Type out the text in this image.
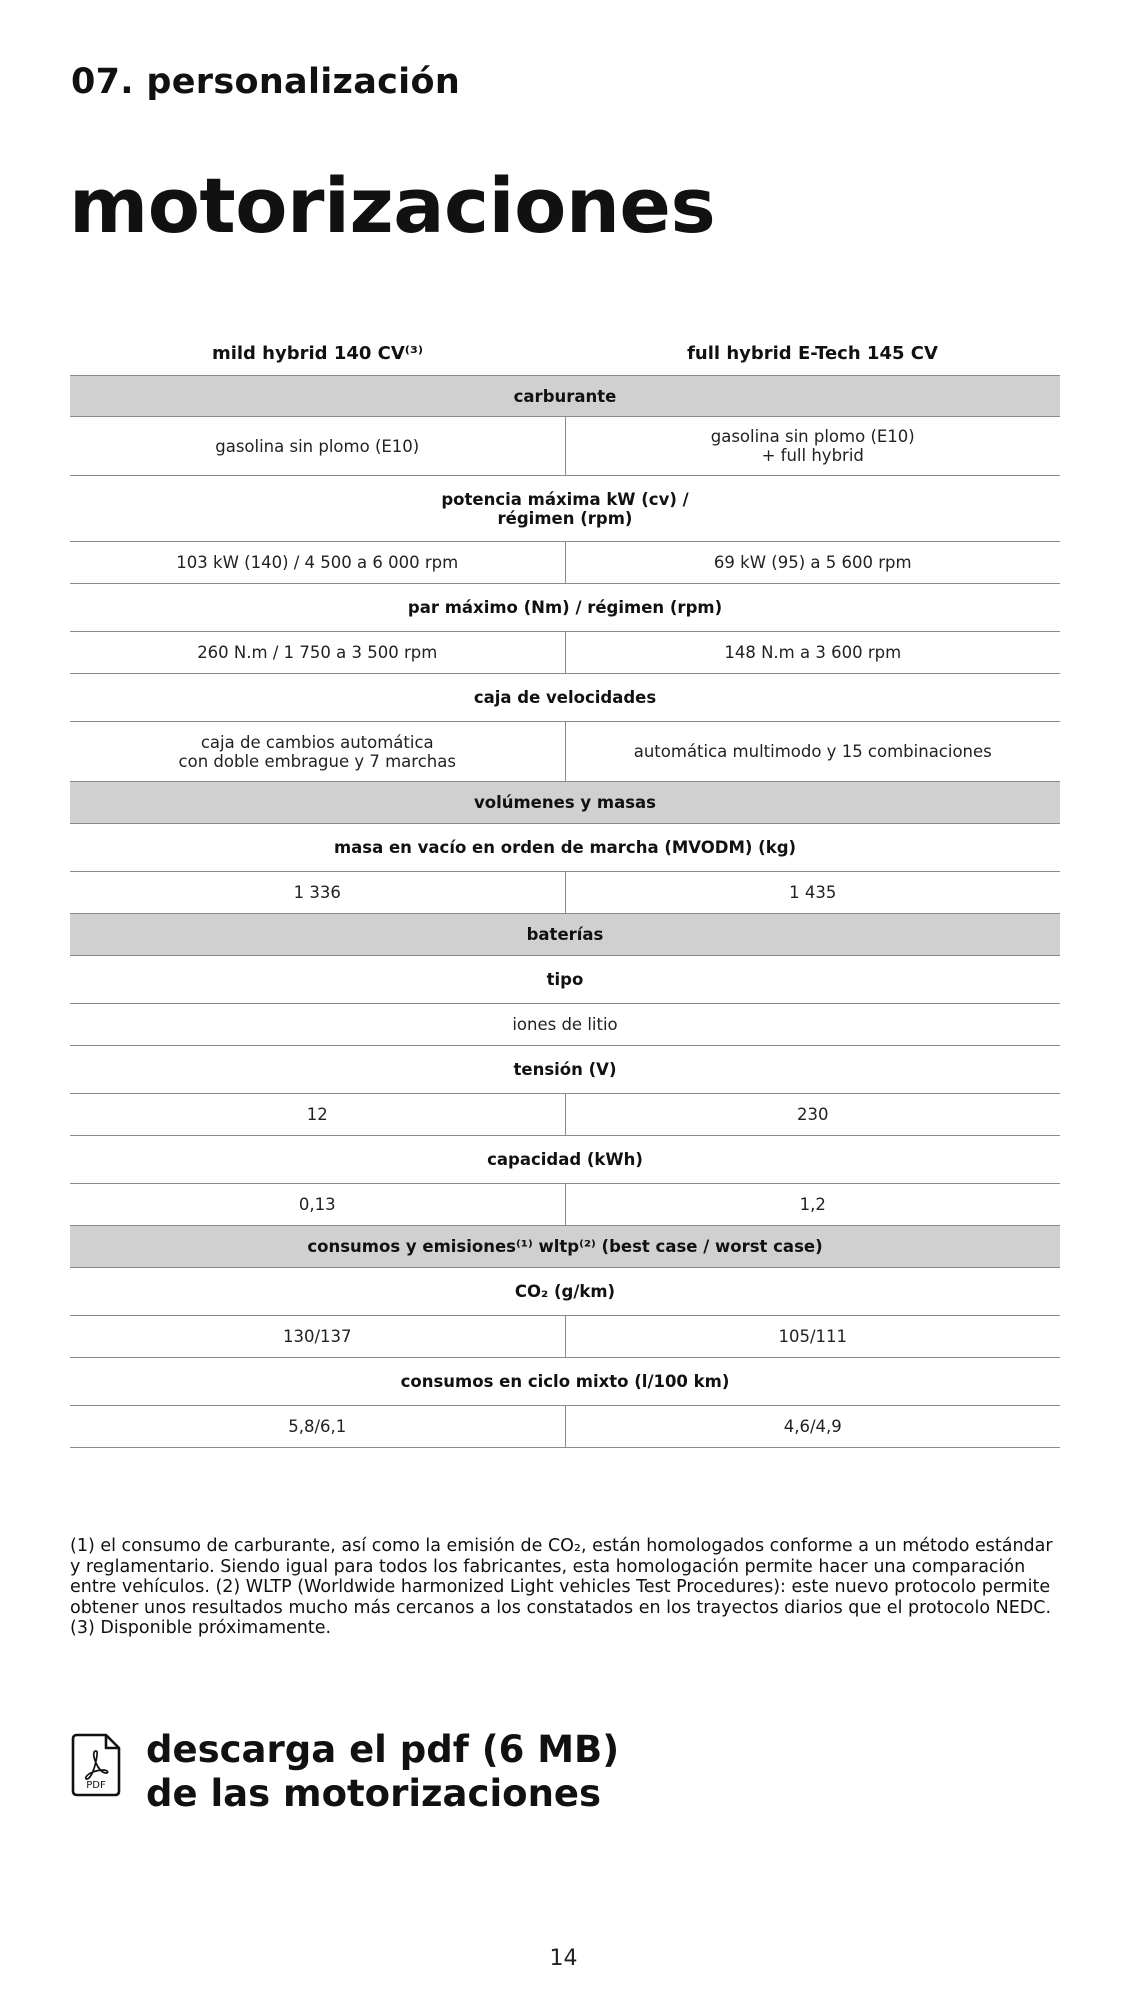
07. personalización
motorizaciones
mild hybrid 140 CV⁽³⁾	full hybrid E-Tech 145 CV
carburante
gasolina sin plomo (E10)	gasolina sin plomo (E10)
+ full hybrid
potencia máxima kW (cv) /
régimen (rpm)
103 kW (140) / 4 500 a 6 000 rpm	69 kW (95) a 5 600 rpm
par máximo (Nm) / régimen (rpm)
260 N.m / 1 750 a 3 500 rpm	148 N.m a 3 600 rpm
caja de velocidades
caja de cambios automática
con doble embrague y 7 marchas	automática multimodo y 15 combinaciones
volúmenes y masas
masa en vacío en orden de marcha (MVODM) (kg)
1 336	1 435
baterías
tipo
iones de litio
tensión (V)
12	230
capacidad (kWh)
0,13	1,2
consumos y emisiones⁽¹⁾ wltp⁽²⁾ (best case / worst case)
CO₂ (g/km)
130/137	105/111
consumos en ciclo mixto (l/100 km)
5,8/6,1	4,6/4,9
(1) el consumo de carburante, así como la emisión de CO₂, están homologados conforme a un método estándar y reglamentario. Siendo igual para todos los fabricantes, esta homologación permite hacer una comparación entre vehículos. (2) WLTP (Worldwide harmonized Light vehicles Test Procedures): este nuevo protocolo permite obtener unos resultados mucho más cercanos a los constatados en los trayectos diarios que el protocolo NEDC. (3) Disponible próximamente.
PDF
descarga el pdf (6 MB)
de las motorizaciones
14
